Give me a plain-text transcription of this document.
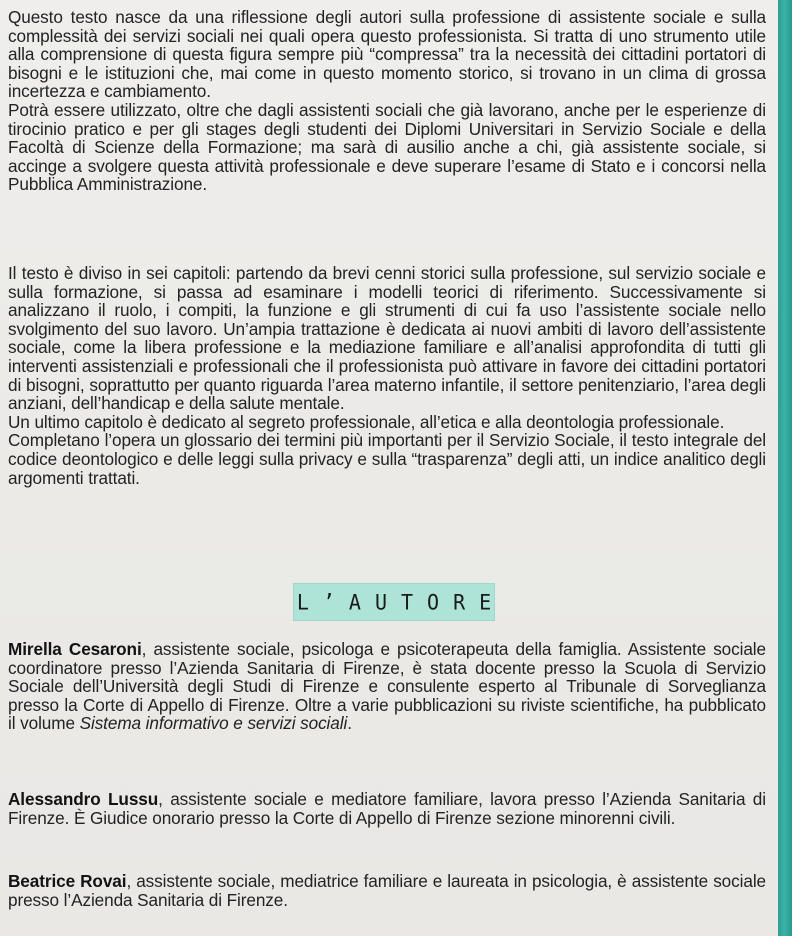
Questo testo nasce da una riflessione degli autori sulla professione di assistente sociale e sulla complessità dei servizi sociali nei quali opera questo professionista. Si tratta di uno strumento utile alla comprensione di questa figura sempre più “compressa” tra la necessità dei cittadini portatori di bisogni e le istituzioni che, mai come in questo momento storico, si trovano in un clima di grossa incertezza e cambiamento.

Potrà essere utilizzato, oltre che dagli assistenti sociali che già lavorano, anche per le esperienze di tirocinio pratico e per gli stages degli studenti dei Diplomi Universitari in Servizio Sociale e della Facoltà di Scienze della Formazione; ma sarà di ausilio anche a chi, già assistente sociale, si accinge a svolgere questa attività professionale e deve superare l’esame di Stato e i concorsi nella Pubblica Amministrazione.

Il testo è diviso in sei capitoli: partendo da brevi cenni storici sulla professione, sul servizio sociale e sulla formazione, si passa ad esaminare i modelli teorici di riferimento. Successivamente si analizzano il ruolo, i compiti, la funzione e gli strumenti di cui fa uso l’assistente sociale nello svolgimento del suo lavoro. Un’ampia trattazione è dedicata ai nuovi ambiti di lavoro dell’assistente sociale, come la libera professione e la mediazione familiare e all’analisi approfondita di tutti gli interventi assistenziali e professionali che il professionista può attivare in favore dei cittadini portatori di bisogni, soprattutto per quanto riguarda l’area materno infantile, il settore penitenziario, l’area degli anziani, dell’handicap e della salute mentale.

Un ultimo capitolo è dedicato al segreto professionale, all’etica e alla deontologia professionale.

Completano l’opera un glossario dei termini più importanti per il Servizio Sociale, il testo integrale del codice deontologico e delle leggi sulla privacy e sulla “trasparenza” degli atti, un indice analitico degli argomenti trattati.

L’AUTORE
Mirella Cesaroni, assistente sociale, psicologa e psicoterapeuta della famiglia. Assistente sociale coordinatore presso l’Azienda Sanitaria di Firenze, è stata docente presso la Scuola di Servizio Sociale dell’Università degli Studi di Firenze e consulente esperto al Tribunale di Sorveglianza presso la Corte di Appello di Firenze. Oltre a varie pubblicazioni su riviste scientifiche, ha pubblicato il volume Sistema informativo e servizi sociali.
Alessandro Lussu, assistente sociale e mediatore familiare, lavora presso l’Azienda Sanitaria di Firenze. È Giudice onorario presso la Corte di Appello di Firenze sezione minorenni civili.
Beatrice Rovai, assistente sociale, mediatrice familiare e laureata in psicologia, è assistente sociale presso l’Azienda Sanitaria di Firenze.
